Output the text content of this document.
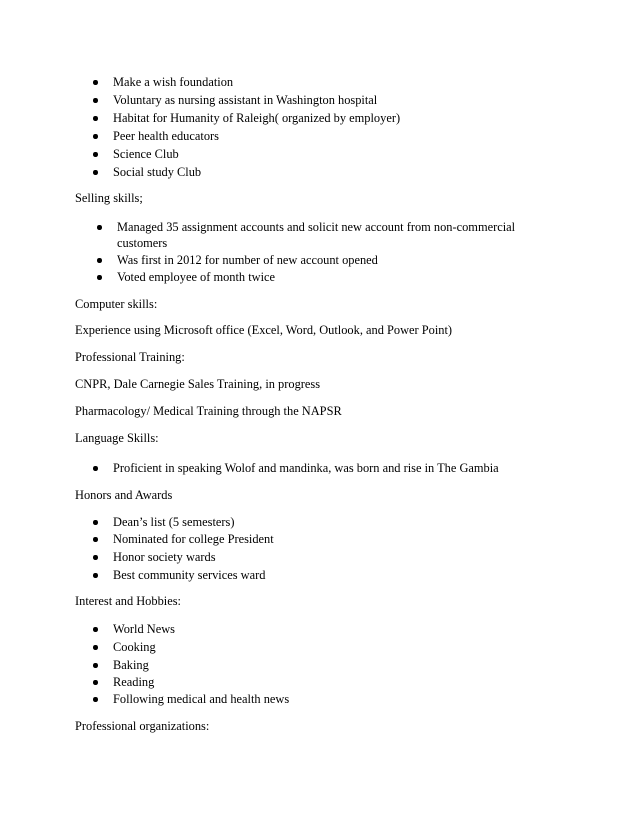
Make a wish foundation
Voluntary as nursing assistant in Washington hospital
Habitat for Humanity of Raleigh( organized by employer)
Peer health educators
Science Club
Social study Club
Selling skills;
Managed 35 assignment accounts and solicit new account from non-commercial
customers
Was first in 2012 for number of new account opened
Voted employee of month twice
Computer skills:
Experience using Microsoft office (Excel, Word, Outlook, and Power Point)
Professional Training:
CNPR, Dale Carnegie Sales Training, in progress
Pharmacology/ Medical Training through the NAPSR
Language Skills:
Proficient in speaking Wolof and mandinka, was born and rise in The Gambia
Honors and Awards
Dean’s list (5 semesters)
Nominated for college President
Honor society wards
Best community services ward
Interest and Hobbies:
World News
Cooking
Baking
Reading
Following medical and health news
Professional organizations:
